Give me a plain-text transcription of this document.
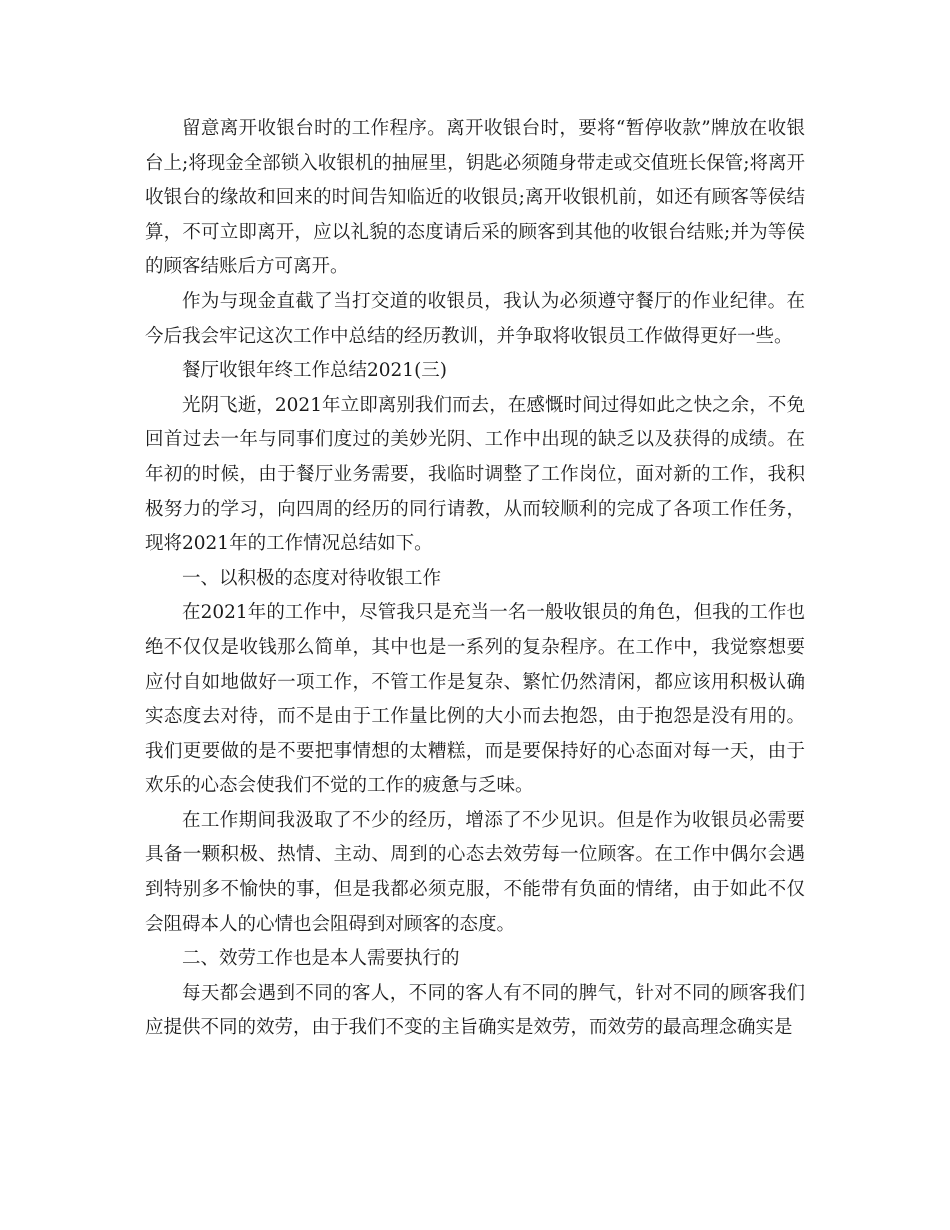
留意离开收银台时的工作程序。离开收银台时，要将“暂停收款”牌放在收银台上;将现金全部锁入收银机的抽屉里，钥匙必须随身带走或交值班长保管;将离开收银台的缘故和回来的时间告知临近的收银员;离开收银机前，如还有顾客等侯结算，不可立即离开，应以礼貌的态度请后采的顾客到其他的收银台结账;并为等侯的顾客结账后方可离开。

作为与现金直截了当打交道的收银员，我认为必须遵守餐厅的作业纪律。在今后我会牢记这次工作中总结的经历教训，并争取将收银员工作做得更好一些。

餐厅收银年终工作总结2021(三)

光阴飞逝，2021年立即离别我们而去，在感慨时间过得如此之快之余，不免回首过去一年与同事们度过的美妙光阴、工作中出现的缺乏以及获得的成绩。在年初的时候，由于餐厅业务需要，我临时调整了工作岗位，面对新的工作，我积极努力的学习，向四周的经历的同行请教，从而较顺利的完成了各项工作任务，现将2021年的工作情况总结如下。

一、以积极的态度对待收银工作

在2021年的工作中，尽管我只是充当一名一般收银员的角色，但我的工作也绝不仅仅是收钱那么简单，其中也是一系列的复杂程序。在工作中，我觉察想要应付自如地做好一项工作，不管工作是复杂、繁忙仍然清闲，都应该用积极认确实态度去对待，而不是由于工作量比例的大小而去抱怨，由于抱怨是没有用的。我们更要做的是不要把事情想的太糟糕，而是要保持好的心态面对每一天，由于欢乐的心态会使我们不觉的工作的疲惫与乏味。

在工作期间我汲取了不少的经历，增添了不少见识。但是作为收银员必需要具备一颗积极、热情、主动、周到的心态去效劳每一位顾客。在工作中偶尔会遇到特别多不愉快的事，但是我都必须克服，不能带有负面的情绪，由于如此不仅会阻碍本人的心情也会阻碍到对顾客的态度。

二、效劳工作也是本人需要执行的

每天都会遇到不同的客人，不同的客人有不同的脾气，针对不同的顾客我们应提供不同的效劳，由于我们不变的主旨确实是效劳，而效劳的最高理念确实是
